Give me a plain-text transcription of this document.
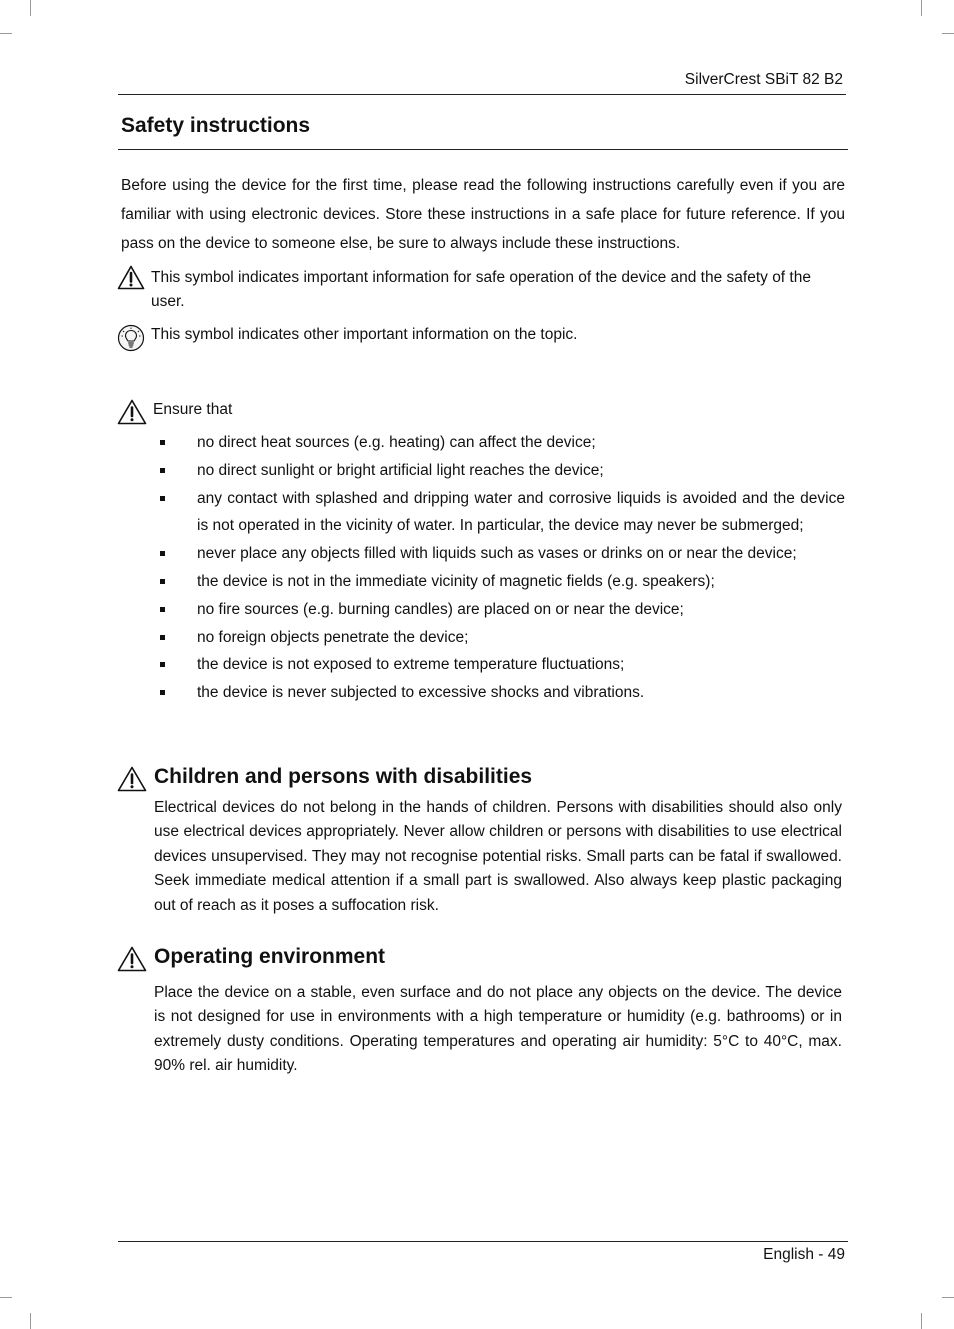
SilverCrest SBiT 82 B2
Safety instructions

Before using the device for the first time, please read the following instructions carefully even if you are familiar with using electronic devices. Store these instructions in a safe place for future reference. If you pass on the device to someone else, be sure to always include these instructions.

This symbol indicates important information for safe operation of the device and the safety of the user.
This symbol indicates other important information on the topic.
Ensure that
no direct heat sources (e.g. heating) can affect the device;
no direct sunlight or bright artificial light reaches the device;
any contact with splashed and dripping water and corrosive liquids is avoided and the device is not operated in the vicinity of water. In particular, the device may never be submerged;
never place any objects filled with liquids such as vases or drinks on or near the device;
the device is not in the immediate vicinity of magnetic fields (e.g. speakers);
no fire sources (e.g. burning candles) are placed on or near the device;
no foreign objects penetrate the device;
the device is not exposed to extreme temperature fluctuations;
the device is never subjected to excessive shocks and vibrations.
Children and persons with disabilities

Electrical devices do not belong in the hands of children. Persons with disabilities should also only use electrical devices appropriately. Never allow children or persons with disabilities to use electrical devices unsupervised. They may not recognise potential risks. Small parts can be fatal if swallowed. Seek immediate medical attention if a small part is swallowed. Also always keep plastic packaging out of reach as it poses a suffocation risk.

Operating environment

Place the device on a stable, even surface and do not place any objects on the device. The device is not designed for use in environments with a high temperature or humidity (e.g. bathrooms) or in extremely dusty conditions. Operating temperatures and operating air humidity: 5°C to 40°C, max. 90% rel. air humidity.

English - 49
